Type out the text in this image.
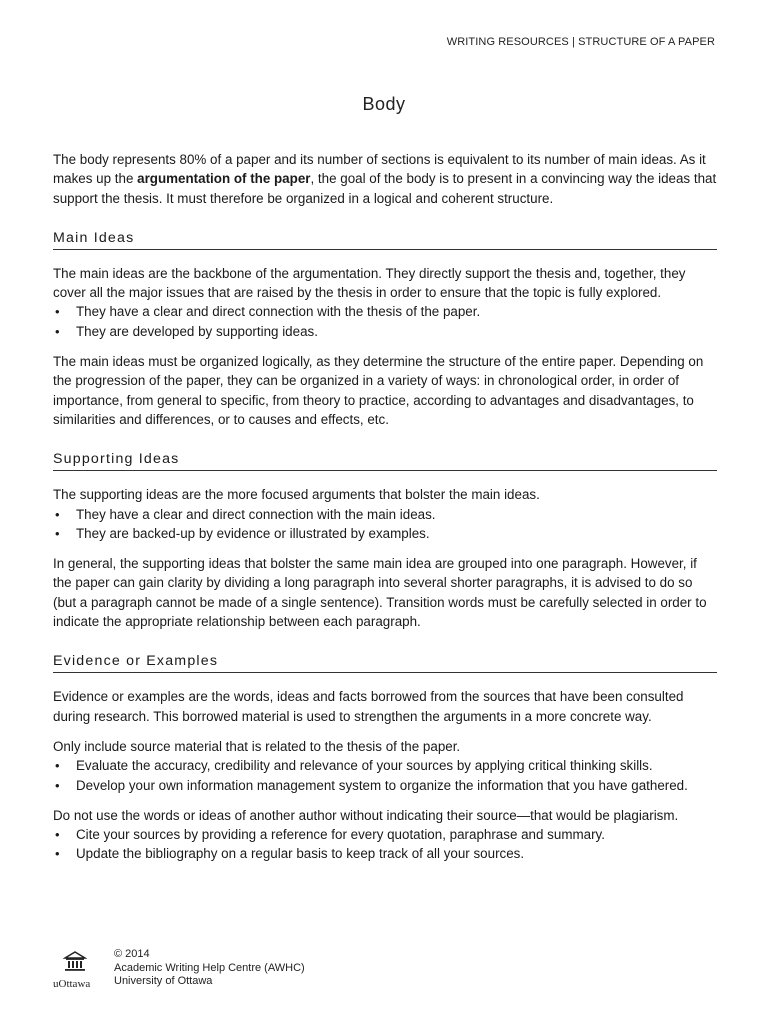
WRITING RESOURCES | STRUCTURE OF A PAPER
Body

The body represents 80% of a paper and its number of sections is equivalent to its number of main ideas. As it makes up the argumentation of the paper, the goal of the body is to present in a convincing way the ideas that support the thesis. It must therefore be organized in a logical and coherent structure.

Main Ideas

The main ideas are the backbone of the argumentation. They directly support the thesis and, together, they cover all the major issues that are raised by the thesis in order to ensure that the topic is fully explored.

• They have a clear and direct connection with the thesis of the paper.
• They are developed by supporting ideas.

The main ideas must be organized logically, as they determine the structure of the entire paper. Depending on the progression of the paper, they can be organized in a variety of ways: in chronological order, in order of importance, from general to specific, from theory to practice, according to advantages and disadvantages, to similarities and differences, or to causes and effects, etc.

Supporting Ideas

The supporting ideas are the more focused arguments that bolster the main ideas.

• They have a clear and direct connection with the main ideas.
• They are backed-up by evidence or illustrated by examples.

In general, the supporting ideas that bolster the same main idea are grouped into one paragraph. However, if the paper can gain clarity by dividing a long paragraph into several shorter paragraphs, it is advised to do so (but a paragraph cannot be made of a single sentence). Transition words must be carefully selected in order to indicate the appropriate relationship between each paragraph.

Evidence or Examples

Evidence or examples are the words, ideas and facts borrowed from the sources that have been consulted during research. This borrowed material is used to strengthen the arguments in a more concrete way.

Only include source material that is related to the thesis of the paper.

• Evaluate the accuracy, credibility and relevance of your sources by applying critical thinking skills.
• Develop your own information management system to organize the information that you have gathered.

Do not use the words or ideas of another author without indicating their source—that would be plagiarism.

• Cite your sources by providing a reference for every quotation, paraphrase and summary.
• Update the bibliography on a regular basis to keep track of all your sources.
uOttawa
© 2014
Academic Writing Help Centre (AWHC)
University of Ottawa
